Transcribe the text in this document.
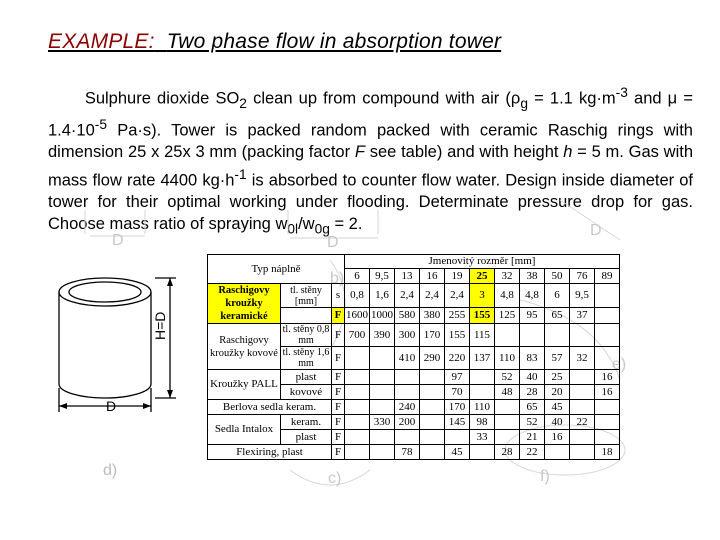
EXAMPLE: Two phase flow in absorption tower

Sulphure dioxide $SO_2$ clean up from compound with air ($\rho_g = 1.1$ $kg\cdot m^{-3}$ and $\mu = 1.4\cdot 10^{-5}$ Pa·s). Tower is packed random packed with ceramic Raschig rings with dimension 25 x 25x 3 mm (packing factor F see table) and with height h = 5 m. Gas with mass flow rate 4400 $kg\cdot h^{-1}$ is absorbed to counter flow water. Design inside diameter of tower for their optimal working under flooding. Determinate pressure drop for gas. Choose mass ratio of spraying $w_{0l}/w_{0g} = 2$.

D	D
D
b)
c)
d)
e)
f)
D
H=D
Typ náplně			Jmenovitý rozměr [mm]										
			6	9,5	13	16	19	25	32	38	50	76	89
Raschigovy kroužky keramické	tl. stěny [mm]	s	0,8	1,6	2,4	2,4	2,4	3	4,8	4,8	6	9,5	
		F	1600	1000	580	380	255	155	125	95	65	37	
Raschigovy kroužky kovové	tl. stěny 0,8 mm	F	700	390	300	170	155	115					
	tl. stěny 1,6 mm	F			410	290	220	137	110	83	57	32	
Kroužky PALL	plast	F					97		52	40	25		16
	kovové	F					70		48	28	20		16
Berlova sedla keram.		F			240		170	110		65	45		
Sedla Intalox	keram.	F		330	200		145	98		52	40	22	
	plast	F						33		21	16		
Flexiring, plast		F			78		45		28	22			18
